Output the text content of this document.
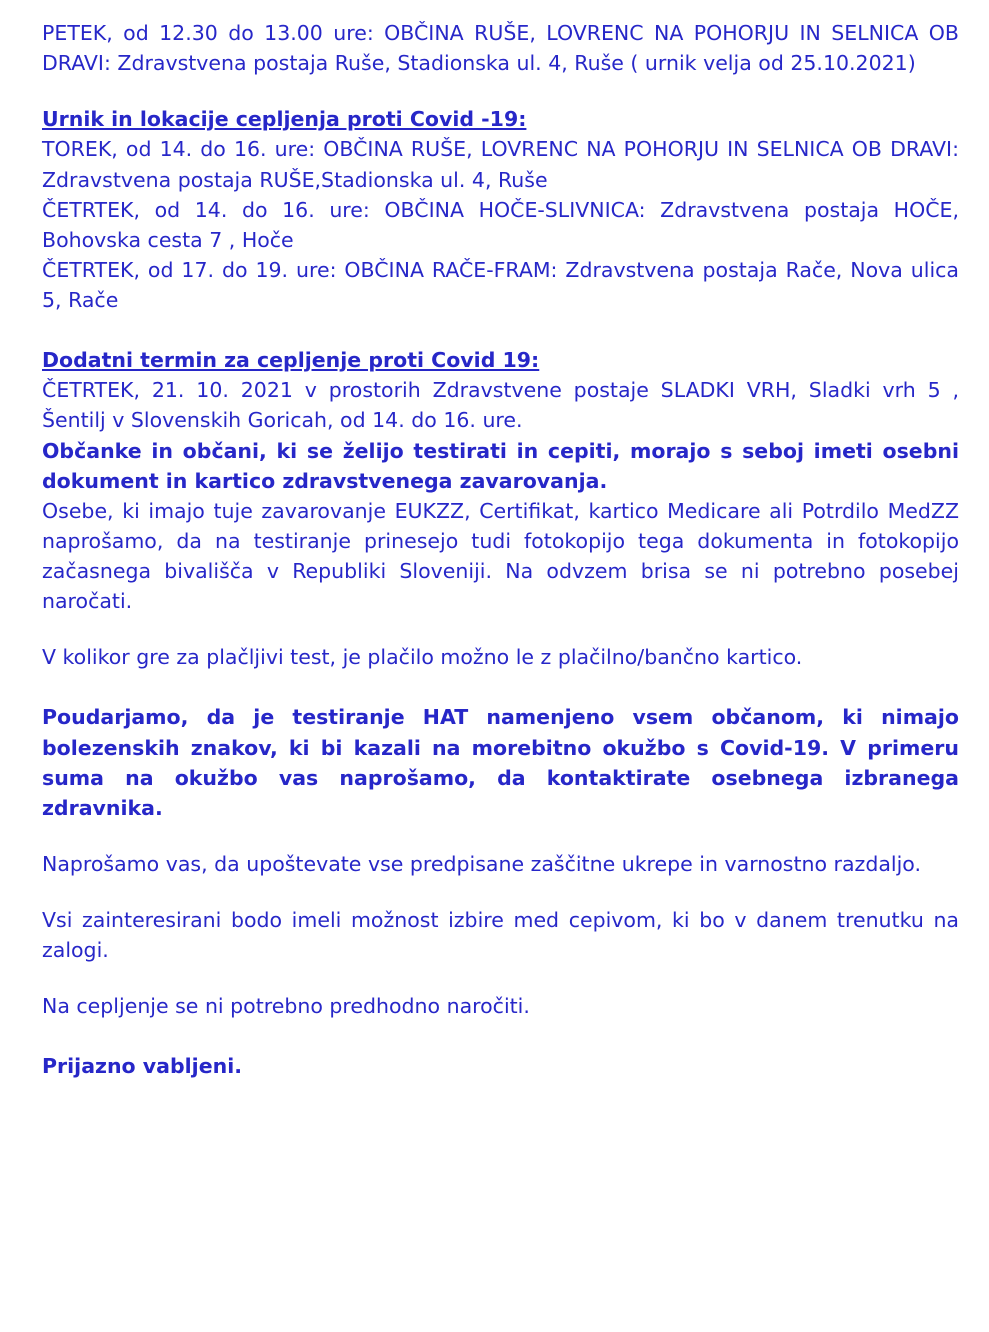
PETEK, od 12.30 do 13.00 ure: OBČINA RUŠE, LOVRENC NA POHORJU IN SELNICA OB DRAVI: Zdravstvena postaja Ruše, Stadionska ul. 4, Ruše ( urnik velja od 25.10.2021)

Urnik in lokacije cepljenja proti Covid -19:

TOREK, od 14. do 16. ure: OBČINA RUŠE, LOVRENC NA POHORJU IN SELNICA OB DRAVI: Zdravstvena postaja RUŠE,Stadionska ul. 4, Ruše

ČETRTEK, od 14. do 16. ure: OBČINA HOČE-SLIVNICA: Zdravstvena postaja HOČE, Bohovska cesta 7 , Hoče

ČETRTEK, od 17. do 19. ure: OBČINA RAČE-FRAM: Zdravstvena postaja Rače, Nova ulica 5, Rače

Dodatni termin za cepljenje proti Covid 19:

ČETRTEK, 21. 10. 2021 v prostorih Zdravstvene postaje SLADKI VRH, Sladki vrh 5 , Šentilj v Slovenskih Goricah, od 14. do 16. ure.

Občanke in občani, ki se želijo testirati in cepiti, morajo s seboj imeti osebni dokument in kartico zdravstvenega zavarovanja.

Osebe, ki imajo tuje zavarovanje EUKZZ, Certifikat, kartico Medicare ali Potrdilo MedZZ naprošamo, da na testiranje prinesejo tudi fotokopijo tega dokumenta in fotokopijo začasnega bivališča v Republiki Sloveniji. Na odvzem brisa se ni potrebno posebej naročati.

V kolikor gre za plačljivi test, je plačilo možno le z plačilno/bančno kartico.

Poudarjamo, da je testiranje HAT namenjeno vsem občanom, ki nimajo bolezenskih znakov, ki bi kazali na morebitno okužbo s Covid-19. V primeru suma na okužbo vas naprošamo, da kontaktirate osebnega izbranega zdravnika.

Naprošamo vas, da upoštevate vse predpisane zaščitne ukrepe in varnostno razdaljo.

Vsi zainteresirani bodo imeli možnost izbire med cepivom, ki bo v danem trenutku na zalogi.

Na cepljenje se ni potrebno predhodno naročiti.

Prijazno vabljeni.
